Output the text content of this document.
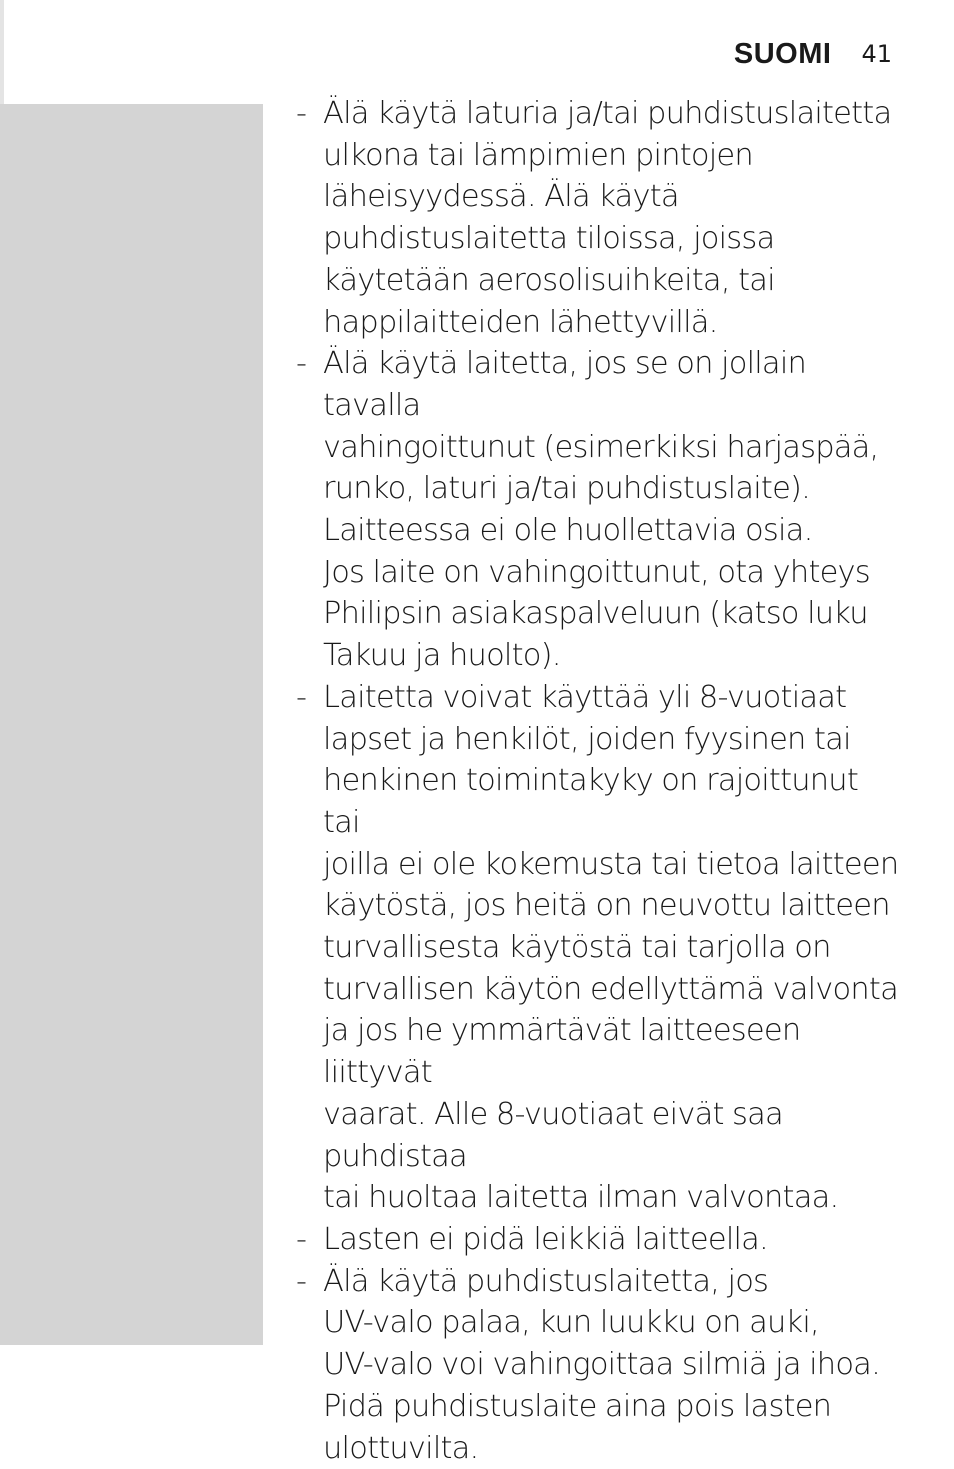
SUOMI 41
- Älä käytä laturia ja/tai puhdistuslaitetta
ulkona tai lämpimien pintojen
läheisyydessä. Älä käytä
puhdistuslaitetta tiloissa, joissa
käytetään aerosolisuihkeita, tai
happilaitteiden lähettyvillä.
- Älä käytä laitetta, jos se on jollain tavalla
vahingoittunut (esimerkiksi harjaspää,
runko, laturi ja/tai puhdistuslaite).
Laitteessa ei ole huollettavia osia.
Jos laite on vahingoittunut, ota yhteys
Philipsin asiakaspalveluun (katso luku
Takuu ja huolto).
- Laitetta voivat käyttää yli 8-vuotiaat
lapset ja henkilöt, joiden fyysinen tai
henkinen toimintakyky on rajoittunut tai
joilla ei ole kokemusta tai tietoa laitteen
käytöstä, jos heitä on neuvottu laitteen
turvallisesta käytöstä tai tarjolla on
turvallisen käytön edellyttämä valvonta
ja jos he ymmärtävät laitteeseen liittyvät
vaarat. Alle 8-vuotiaat eivät saa puhdistaa
tai huoltaa laitetta ilman valvontaa.
- Lasten ei pidä leikkiä laitteella.
- Älä käytä puhdistuslaitetta, jos
UV-valo palaa, kun luukku on auki,
UV-valo voi vahingoittaa silmiä ja ihoa.
Pidä puhdistuslaite aina pois lasten
ulottuvilta.
